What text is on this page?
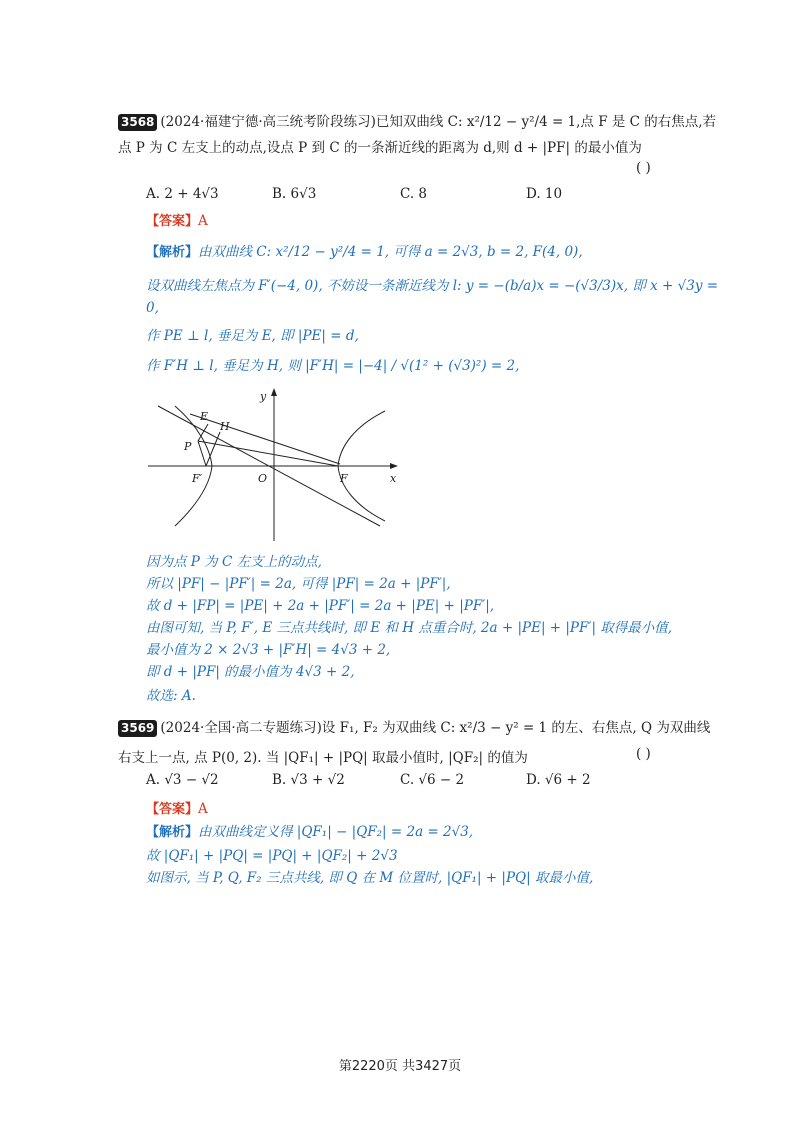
3568 (2024·福建宁德·高三统考阶段练习)已知双曲线 C: x²/12 − y²/4 = 1,点 F 是 C 的右焦点,若
点 P 为 C 左支上的动点,设点 P 到 C 的一条渐近线的距离为 d,则 d + |PF| 的最小值为
( )
A. 2 + 4√3	B. 6√3	C. 8	D. 10
【答案】A
【解析】由双曲线 C: x²/12 − y²/4 = 1, 可得 a = 2√3, b = 2, F(4, 0),
设双曲线左焦点为 F′(−4, 0), 不妨设一条渐近线为 l: y = −(b/a)x = −(√3/3)x, 即 x + √3y =
0,
作 PE ⊥ l, 垂足为 E, 即 |PE| = d,
作 F′H ⊥ l, 垂足为 H, 则 |F′H| = |−4| / √(1² + (√3)²) = 2,
y
x
E
H
P
F′	O	F
因为点 P 为 C 左支上的动点,
所以 |PF| − |PF′| = 2a, 可得 |PF| = 2a + |PF′|,
故 d + |FP| = |PE| + 2a + |PF′| = 2a + |PE| + |PF′|,
由图可知, 当 P, F′, E 三点共线时, 即 E 和 H 点重合时, 2a + |PE| + |PF′| 取得最小值,
最小值为 2 × 2√3 + |F′H| = 4√3 + 2,
即 d + |PF| 的最小值为 4√3 + 2,
故选: A.
3569 (2024·全国·高二专题练习)设 F₁, F₂ 为双曲线 C: x²/3 − y² = 1 的左、右焦点, Q 为双曲线
右支上一点, 点 P(0, 2). 当 |QF₁| + |PQ| 取最小值时, |QF₂| 的值为	( )
A. √3 − √2	B. √3 + √2	C. √6 − 2	D. √6 + 2
【答案】A
【解析】由双曲线定义得 |QF₁| − |QF₂| = 2a = 2√3,
故 |QF₁| + |PQ| = |PQ| + |QF₂| + 2√3
如图示, 当 P, Q, F₂ 三点共线, 即 Q 在 M 位置时, |QF₁| + |PQ| 取最小值,
第2220页 共3427页
